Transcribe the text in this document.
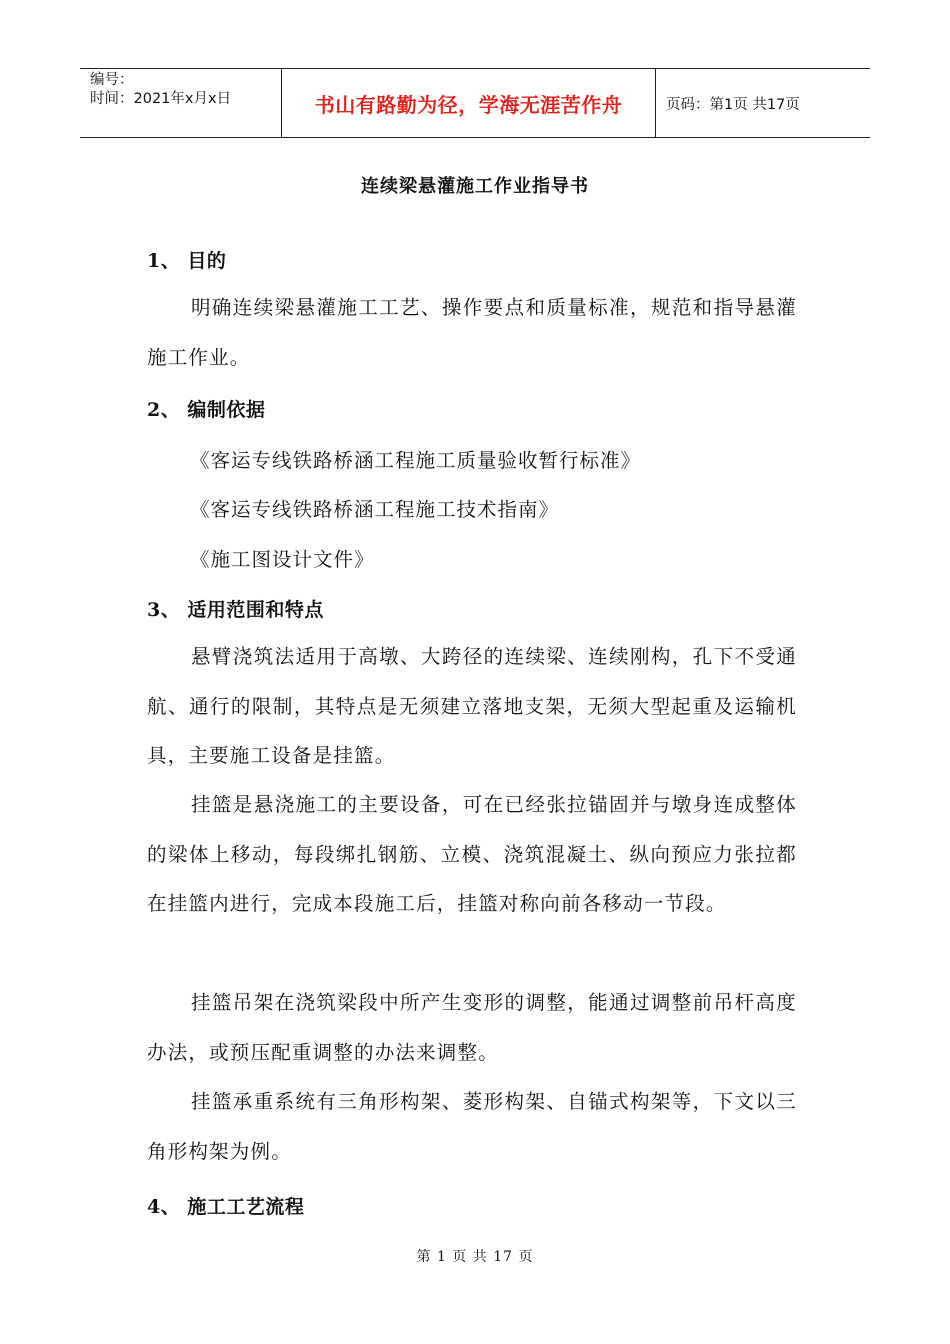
编号：
时间：2021年x月x日	书山有路勤为径，学海无涯苦作舟	页码：第1页 共17页
连续梁悬灌施工作业指导书
1、 目的

明确连续梁悬灌施工工艺、操作要点和质量标准，规范和指导悬灌施工作业。

2、 编制依据
《客运专线铁路桥涵工程施工质量验收暂行标准》
《客运专线铁路桥涵工程施工技术指南》
《施工图设计文件》
3、 适用范围和特点

悬臂浇筑法适用于高墩、大跨径的连续梁、连续刚构，孔下不受通航、通行的限制，其特点是无须建立落地支架，无须大型起重及运输机具，主要施工设备是挂篮。

挂篮是悬浇施工的主要设备，可在已经张拉锚固并与墩身连成整体的梁体上移动，每段绑扎钢筋、立模、浇筑混凝土、纵向预应力张拉都在挂篮内进行，完成本段施工后，挂篮对称向前各移动一节段。

挂篮吊架在浇筑梁段中所产生变形的调整，能通过调整前吊杆高度办法，或预压配重调整的办法来调整。

挂篮承重系统有三角形构架、菱形构架、自锚式构架等，下文以三角形构架为例。

4、 施工工艺流程
第 1 页 共 17 页
